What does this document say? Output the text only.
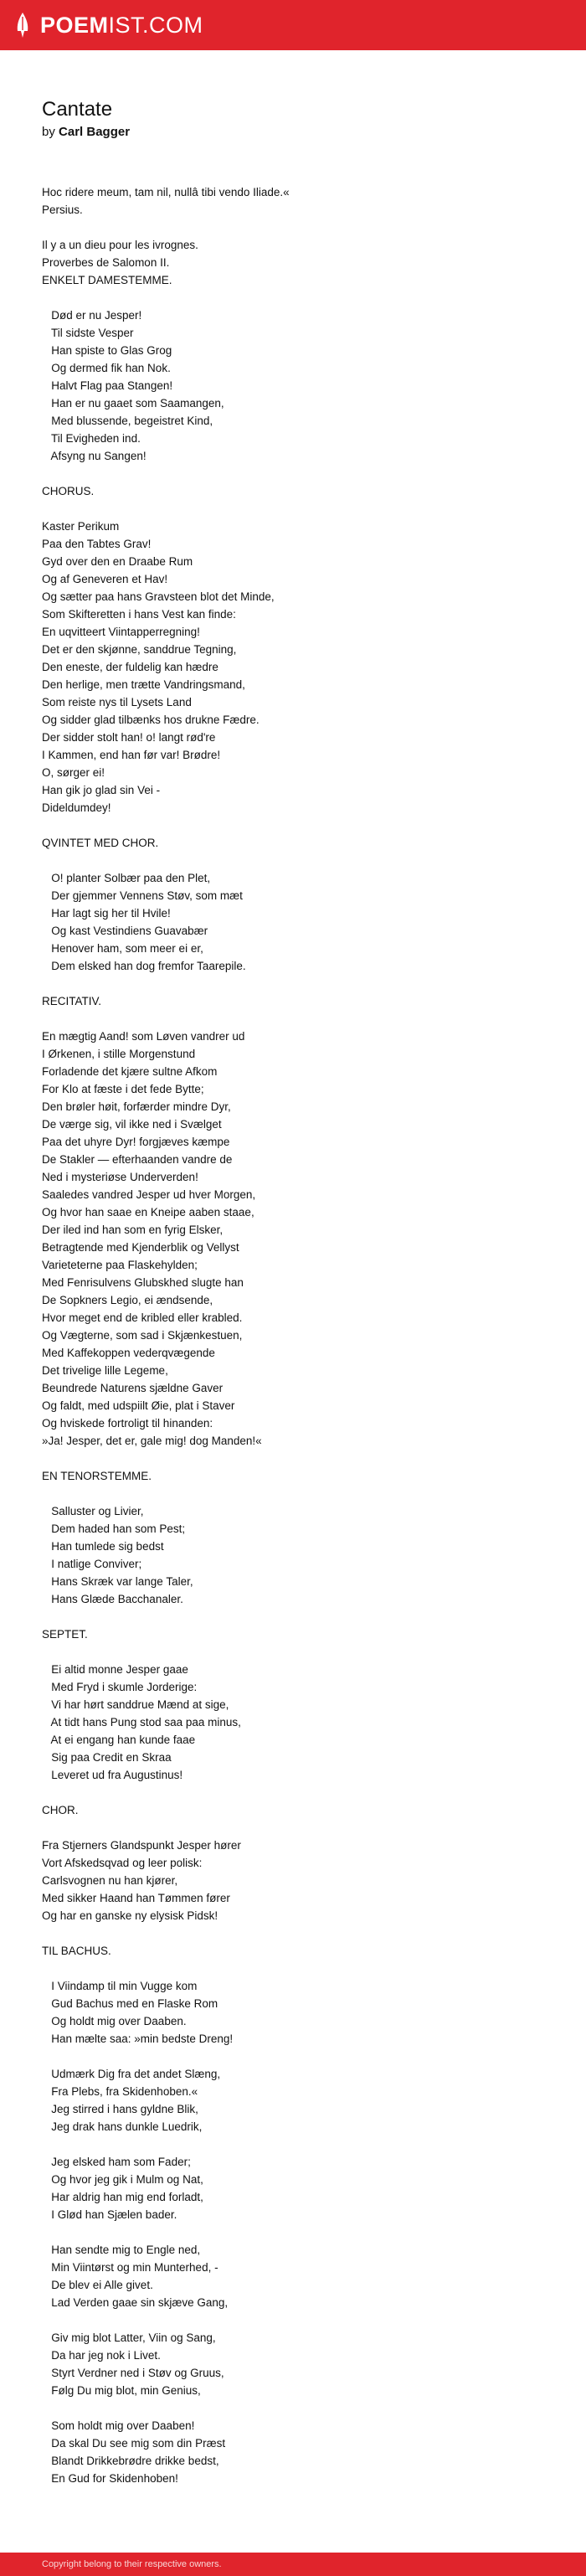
POEMIST.COM
Cantate
by Carl Bagger
Hoc ridere meum, tam nil, nullâ tibi vendo Iliade.«
Persius.
Il y a un dieu pour les ivrognes.
Proverbes de Salomon II.
ENKELT DAMESTEMME.
Død er nu Jesper!
Til sidste Vesper
Han spiste to Glas Grog
Og dermed fik han Nok.
Halvt Flag paa Stangen!
Han er nu gaaet som Saamangen,
Med blussende, begeistret Kind,
Til Evigheden ind.
Afsyng nu Sangen!
CHORUS.
Kaster Perikum
Paa den Tabtes Grav!
Gyd over den en Draabe Rum
Og af Geneveren et Hav!
Og sætter paa hans Gravsteen blot det Minde,
Som Skifteretten i hans Vest kan finde:
En uqvitteert Viintapperregning!
Det er den skjønne, sanddrue Tegning,
Den eneste, der fuldelig kan hædre
Den herlige, men trætte Vandringsmand,
Som reiste nys til Lysets Land
Og sidder glad tilbænks hos drukne Fædre.
Der sidder stolt han! o! langt rød're
I Kammen, end han før var! Brødre!
O, sørger ei!
Han gik jo glad sin Vei -
Dideldumdey!
QVINTET MED CHOR.
O! planter Solbær paa den Plet,
Der gjemmer Vennens Støv, som mæt
Har lagt sig her til Hvile!
Og kast Vestindiens Guavabær
Henover ham, som meer ei er,
Dem elsked han dog fremfor Taarepile.
RECITATIV.
En mægtig Aand! som Løven vandrer ud
I Ørkenen, i stille Morgenstund
Forladende det kjære sultne Afkom
For Klo at fæste i det fede Bytte;
Den brøler høit, forfærder mindre Dyr,
De værge sig, vil ikke ned i Svælget
Paa det uhyre Dyr! forgjæves kæmpe
De Stakler — efterhaanden vandre de
Ned i mysteriøse Underverden!
Saaledes vandred Jesper ud hver Morgen,
Og hvor han saae en Kneipe aaben staae,
Der iled ind han som en fyrig Elsker,
Betragtende med Kjenderblik og Vellyst
Varieteterne paa Flaskehylden;
Med Fenrisulvens Glubskhed slugte han
De Sopkners Legio, ei ændsende,
Hvor meget end de kribled eller krabled.
Og Vægterne, som sad i Skjænkestuen,
Med Kaffekoppen vederqvægende
Det trivelige lille Legeme,
Beundrede Naturens sjældne Gaver
Og faldt, med udspiilt Øie, plat i Staver
Og hviskede fortroligt til hinanden:
»Ja! Jesper, det er, gale mig! dog Manden!«
EN TENORSTEMME.
Salluster og Livier,
Dem haded han som Pest;
Han tumlede sig bedst
I natlige Conviver;
Hans Skræk var lange Taler,
Hans Glæde Bacchanaler.
SEPTET.
Ei altid monne Jesper gaae
Med Fryd i skumle Jorderige:
Vi har hørt sanddrue Mænd at sige,
At tidt hans Pung stod saa paa minus,
At ei engang han kunde faae
Sig paa Credit en Skraa
Leveret ud fra Augustinus!
CHOR.
Fra Stjerners Glandspunkt Jesper hører
Vort Afskedsqvad og leer polisk:
Carlsvognen nu han kjører,
Med sikker Haand han Tømmen fører
Og har en ganske ny elysisk Pidsk!
TIL BACHUS.
I Viindamp til min Vugge kom
Gud Bachus med en Flaske Rom
Og holdt mig over Daaben.
Han mælte saa: »min bedste Dreng!
Udmærk Dig fra det andet Slæng,
Fra Plebs, fra Skidenhoben.«
Jeg stirred i hans gyldne Blik,
Jeg drak hans dunkle Luedrik,
Jeg elsked ham som Fader;
Og hvor jeg gik i Mulm og Nat,
Har aldrig han mig end forladt,
I Glød han Sjælen bader.
Han sendte mig to Engle ned,
Min Viintørst og min Munterhed, -
De blev ei Alle givet.
Lad Verden gaae sin skjæve Gang,
Giv mig blot Latter, Viin og Sang,
Da har jeg nok i Livet.
Styrt Verdner ned i Støv og Gruus,
Følg Du mig blot, min Genius,
Som holdt mig over Daaben!
Da skal Du see mig som din Præst
Blandt Drikkebrødre drikke bedst,
En Gud for Skidenhoben!
Copyright belong to their respective owners.
